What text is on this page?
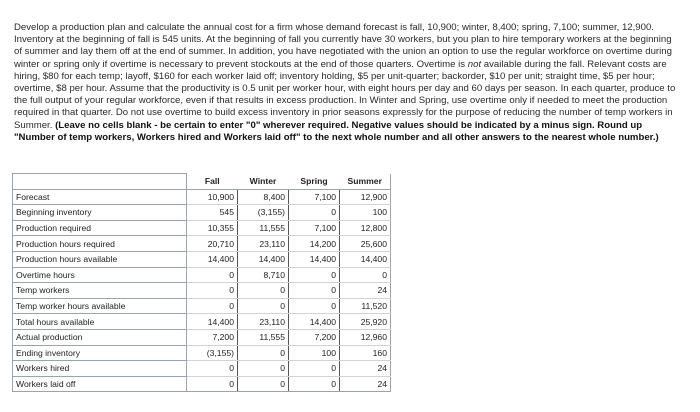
Develop a production plan and calculate the annual cost for a firm whose demand forecast is fall, 10,900; winter, 8,400; spring, 7,100; summer, 12,900. Inventory at the beginning of fall is 545 units. At the beginning of fall you currently have 30 workers, but you plan to hire temporary workers at the beginning of summer and lay them off at the end of summer. In addition, you have negotiated with the union an option to use the regular workforce on overtime during winter or spring only if overtime is necessary to prevent stockouts at the end of those quarters. Overtime is not available during the fall. Relevant costs are hiring, $80 for each temp; layoff, $160 for each worker laid off; inventory holding, $5 per unit-quarter; backorder, $10 per unit; straight time, $5 per hour; overtime, $8 per hour. Assume that the productivity is 0.5 unit per worker hour, with eight hours per day and 60 days per season. In each quarter, produce to the full output of your regular workforce, even if that results in excess production. In Winter and Spring, use overtime only if needed to meet the production required in that quarter. Do not use overtime to build excess inventory in prior seasons expressly for the purpose of reducing the number of temp workers in Summer. (Leave no cells blank - be certain to enter "0" wherever required. Negative values should be indicated by a minus sign. Round up "Number of temp workers, Workers hired and Workers laid off" to the next whole number and all other answers to the nearest whole number.)

	Fall	Winter	Spring	Summer
Forecast	10,900	8,400	7,100	12,900
Beginning inventory	545	(3,155)	0	100
Production required	10,355	11,555	7,100	12,800
Production hours required	20,710	23,110	14,200	25,600
Production hours available	14,400	14,400	14,400	14,400
Overtime hours	0	8,710	0	0
Temp workers	0	0	0	24
Temp worker hours available	0	0	0	11,520
Total hours available	14,400	23,110	14,400	25,920
Actual production	7,200	11,555	7,200	12,960
Ending inventory	(3,155)	0	100	160
Workers hired	0	0	0	24
Workers laid off	0	0	0	24
